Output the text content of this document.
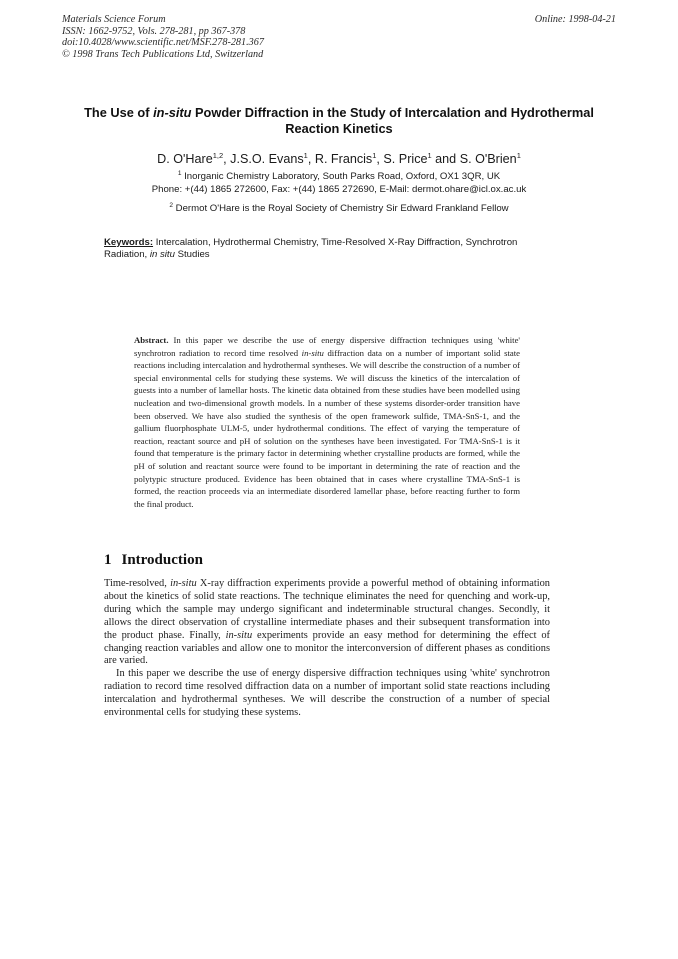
Materials Science Forum
ISSN: 1662-9752, Vols. 278-281, pp 367-378
doi:10.4028/www.scientific.net/MSF.278-281.367
© 1998 Trans Tech Publications Ltd, Switzerland
Online: 1998-04-21
The Use of in-situ Powder Diffraction in the Study of Intercalation and Hydrothermal Reaction Kinetics
D. O'Hare$^{1,2}$, J.S.O. Evans$^1$, R. Francis$^1$, S. Price$^1$ and S. O'Brien$^1$
$^1$ Inorganic Chemistry Laboratory, South Parks Road, Oxford, OX1 3QR, UK
Phone: +(44) 1865 272600, Fax: +(44) 1865 272690, E-Mail: dermot.ohare@icl.ox.ac.uk
$^2$ Dermot O'Hare is the Royal Society of Chemistry Sir Edward Frankland Fellow
Keywords: Intercalation, Hydrothermal Chemistry, Time-Resolved X-Ray Diffraction, Synchrotron Radiation, in situ Studies
Abstract. In this paper we describe the use of energy dispersive diffraction techniques using 'white' synchrotron radiation to record time resolved in-situ diffraction data on a number of important solid state reactions including intercalation and hydrothermal syntheses. We will describe the construction of a number of special environmental cells for studying these systems. We will discuss the kinetics of the intercalation of guests into a number of lamellar hosts. The kinetic data obtained from these studies have been modelled using nucleation and two-dimensional growth models. In a number of these systems disorder-order transition have been observed. We have also studied the synthesis of the open framework sulfide, TMA-SnS-1, and the gallium fluorphosphate ULM-5, under hydrothermal conditions. The effect of varying the temperature of reaction, reactant source and pH of solution on the syntheses have been investigated. For TMA-SnS-1 is it found that temperature is the primary factor in determining whether crystalline products are formed, while the pH of solution and reactant source were found to be important in determining the rate of reaction and the polytypic structure produced. Evidence has been obtained that in cases where crystalline TMA-SnS-1 is formed, the reaction proceeds via an intermediate disordered lamellar phase, before reacting further to form the final product.
1 Introduction

Time-resolved, in-situ X-ray diffraction experiments provide a powerful method of obtaining information about the kinetics of solid state reactions. The technique eliminates the need for quenching and work-up, during which the sample may undergo significant and indeterminable structural changes. Secondly, it allows the direct observation of crystalline intermediate phases and their subsequent transformation into the product phase. Finally, in-situ experiments provide an easy method for determining the effect of changing reaction variables and allow one to monitor the interconversion of different phases as conditions are varied.

In this paper we describe the use of energy dispersive diffraction techniques using 'white' synchrotron radiation to record time resolved diffraction data on a number of important solid state reactions including intercalation and hydrothermal syntheses. We will describe the construction of a number of special environmental cells for studying these systems.
